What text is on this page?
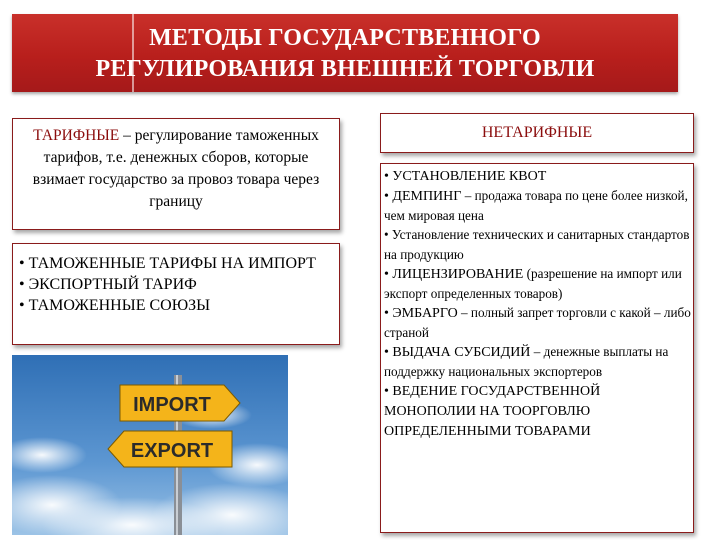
МЕТОДЫ ГОСУДАРСТВЕННОГО
РЕГУЛИРОВАНИЯ ВНЕШНЕЙ ТОРГОВЛИ
ТАРИФНЫЕ – регулирование таможенных тарифов, т.е. денежных сборов, которые взимает государство за провоз товара через границу
• ТАМОЖЕННЫЕ ТАРИФЫ НА ИМПОРТ
• ЭКСПОРТНЫЙ ТАРИФ
• ТАМОЖЕННЫЕ СОЮЗЫ
IMPORT
EXPORT
НЕТАРИФНЫЕ
• УСТАНОВЛЕНИЕ КВОТ
• ДЕМПИНГ – продажа товара по цене более низкой, чем мировая цена
• Установление технических и санитарных стандартов на продукцию
• ЛИЦЕНЗИРОВАНИЕ (разрешение на импорт или экспорт определенных товаров)
• ЭМБАРГО – полный запрет торговли с какой – либо страной
• ВЫДАЧА СУБСИДИЙ – денежные выплаты на поддержку национальных экспортеров
• ВЕДЕНИЕ ГОСУДАРСТВЕННОЙ МОНОПОЛИИ НА ТООРГОВЛЮ ОПРЕДЕЛЕННЫМИ ТОВАРАМИ
